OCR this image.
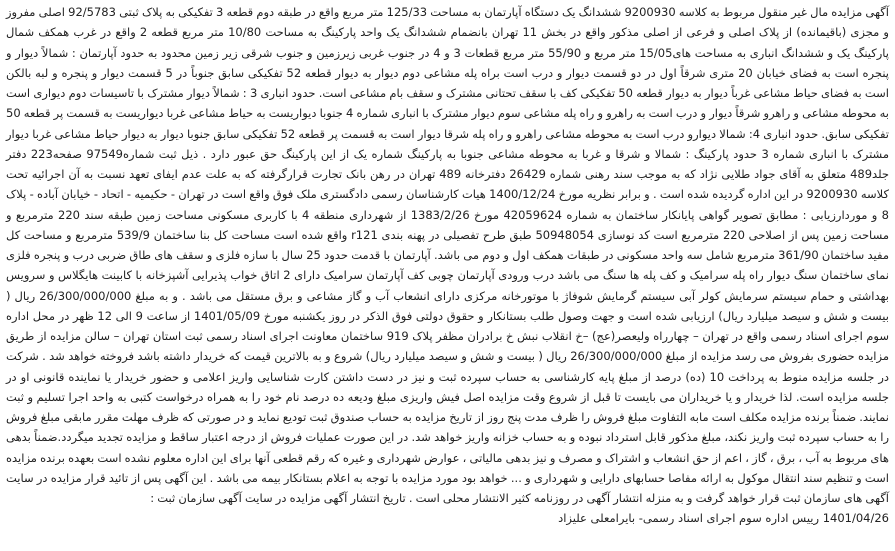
آگهی مزایده مال غیر منقول مربوط به کلاسه 9200930 ششدانگ یک دستگاه آپارتمان به مساحت 125/33 متر مربع واقع در طبقه دوم قطعه 3 تفکیکی به پلاک ثبتی 92/5783 اصلی مفروز و مجزی (باقیمانده) از پلاک اصلی و فرعی از اصلی مذکور واقع در بخش 11 تهران بانضمام ششدانگ یک واحد پارکینگ به مساحت 10/80 متر مربع قطعه 2 واقع در غرب همکف شمال پارکینگ یک و ششدانگ انباری به مساحت های15/05 متر مربع و 55/90 متر مربع قطعات 3 و 4 در جنوب غربی زیرزمین و جنوب شرقی زیر زمین محدود به حدود آپارتمان : شمالاً دیوار و پنجره است به فضای خیابان 20 متری شرقاً اول در دو قسمت دیوار و درب است براه پله مشاعی دوم دیوار به دیوار قطعه 52 تفکیکی سابق جنوباً در 5 قسمت دیوار و پنجره و لبه بالکن است به فضای حیاط مشاعی غرباً دیوار به دیوار قطعه 50 تفکیکی کف با سقف تحتانی مشترک و سقف بام مشاعی است. حدود انباری 3 : شمالاً دیوار مشترک با تاسیسات دوم دیواری است به محوطه مشاعی و راهرو شرقاً دیوار و درب است به راهرو و راه پله مشاعی سوم دیوار مشترک با انباری شماره 4 جنوبا دیواریست به حیاط مشاعی غربا دیواریست به قسمت پر قطعه 50 تفکیکی سابق. حدود انباری 4: شمالا دیوارو درب است به محوطه مشاعی راهرو و راه پله شرقا دیوار است به قسمت پر قطعه 52 تفکیکی سابق جنوبا دیوار به دیوار حیاط مشاعی غربا دیوار مشترک با انباری شماره 3 حدود پارکینگ : شمالا و شرقا و غربا به محوطه مشاعی جنوبا به پارکینگ شماره یک از این پارکینگ حق عبور دارد . ذیل ثبت شماره97549 صفحه223 دفتر جلد489 متعلق به آقای جواد طلایی نژاد که به موجب سند رهنی شماره 26429 دفترخانه 489 تهران در رهن بانک تجارت قرارگرفته که به علت عدم ایفای تعهد نسبت به آن اجرائیه تحت کلاسه 9200930 در این اداره گردیده شده است . و برابر نظریه مورخ 1400/12/24 هیات کارشناسان رسمی دادگستری ملک فوق واقع است در تهران - حکیمیه - اتحاد - خیابان آباده - پلاک 8 و موردارزیابی : مطابق تصویر گواهی پایانکار ساختمان به شماره 42059624 مورخ 1383/2/26 از شهرداری منطقه 4 با کاربری مسکونی مساحت زمین طبقه سند 220 مترمربع و مساحت زمین پس از اصلاحی 220 مترمربع است کد نوسازی 50948054 طبق طرح تفصیلی در پهنه بندی r121 واقع شده است مساحت کل بنا ساختمان 539/9 مترمربع و مساحت کل مفید ساختمان 361/90 مترمربع شامل سه واحد مسکونی در طبقات همکف اول و دوم می باشد. آپارتمان با قدمت حدود 25 سال با سازه فلزی و سقف های طاق ضربی درب و پنجره فلزی نمای ساختمان سنگ دیوار راه پله سرامیک و کف پله ها سنگ می باشد درب ورودی آپارتمان چوبی کف آپارتمان سرامیک دارای 2 اتاق خواب پذیرایی آشپزخانه با کابینت هایگلاس و سرویس بهداشتی و حمام سیستم سرمایش کولر آبی سیستم گرمایش شوفاژ با موتورخانه مرکزی دارای انشعاب آب و گاز مشاعی و برق مستقل می باشد . و به مبلغ 26/300/000/000 ریال ( بیست و شش و سیصد میلیارد ریال) ارزیابی شده است و جهت وصول طلب بستانکار و حقوق دولتی فوق الذکر در روز یکشنبه مورخ 1401/05/09 از ساعت 9 الی 12 ظهر در محل اداره سوم اجرای اسناد رسمی واقع در تهران – چهارراه ولیعصر(عج) –خ انقلاب نبش خ برادران مظفر پلاک 919 ساختمان معاونت اجرای اسناد رسمی ثبت استان تهران – سالن مزایده از طریق مزایده حضوری بفروش می رسد مزایده از مبلغ 26/300/000/000 ریال ( بیست و شش و سیصد میلیارد ریال) شروع و به بالاترین قیمت که خریدار داشته باشد فروخته خواهد شد . شرکت در جلسه مزایده منوط به پرداخت 10 (ده) درصد از مبلغ پایه کارشناسی به حساب سپرده ثبت و نیز در دست داشتن کارت شناسایی واریز اعلامی و حضور خریدار یا نماینده قانونی او در جلسه مزایده است. لذا خریدار و یا خریداران می بایست تا قبل از شروع وقت مزایده اصل فیش واریزی مبلغ ودیعه ده درصد نام خود را به همراه درخواست کتبی به واحد اجرا تسلیم و ثبت نمایند. ضمناً برنده مزایده مکلف است مابه التفاوت مبلغ فروش را ظرف مدت پنج روز از تاریخ مزایده به حساب صندوق ثبت تودیع نماید و در صورتی که ظرف مهلت مقرر مابقی مبلغ فروش را به حساب سپرده ثبت واریز نکند، مبلغ مذکور قابل استرداد نبوده و به حساب خزانه واریز خواهد شد. در این صورت عملیات فروش از درجه اعتبار ساقط و مزایده تجدید میگردد.ضمناً بدهی های مربوط به آب ، برق ، گاز ، اعم از حق انشعاب و اشتراک و مصرف و نیز بدهی مالیاتی ، عوارض شهرداری و غیره که رقم قطعی آنها برای این اداره معلوم نشده است بعهده برنده مزایده است و تنظیم سند انتقال موکول به ارائه مفاصا حسابهای دارایی و شهرداری و ... خواهد بود مورد مزایده با توجه به اعلام بستانکار بیمه می باشد . این آگهی پس از تائید قرار مزایده در سایت آگهی های سازمان ثبت قرار خواهد گرفت و به منزله انتشار آگهی در روزنامه کثیر الانتشار محلی است . تاریخ انتشار آگهی مزایده در سایت آگهی سازمان ثبت :

1401/04/26 رییس اداره سوم اجرای اسناد رسمی- بایرامعلی علیزاد
